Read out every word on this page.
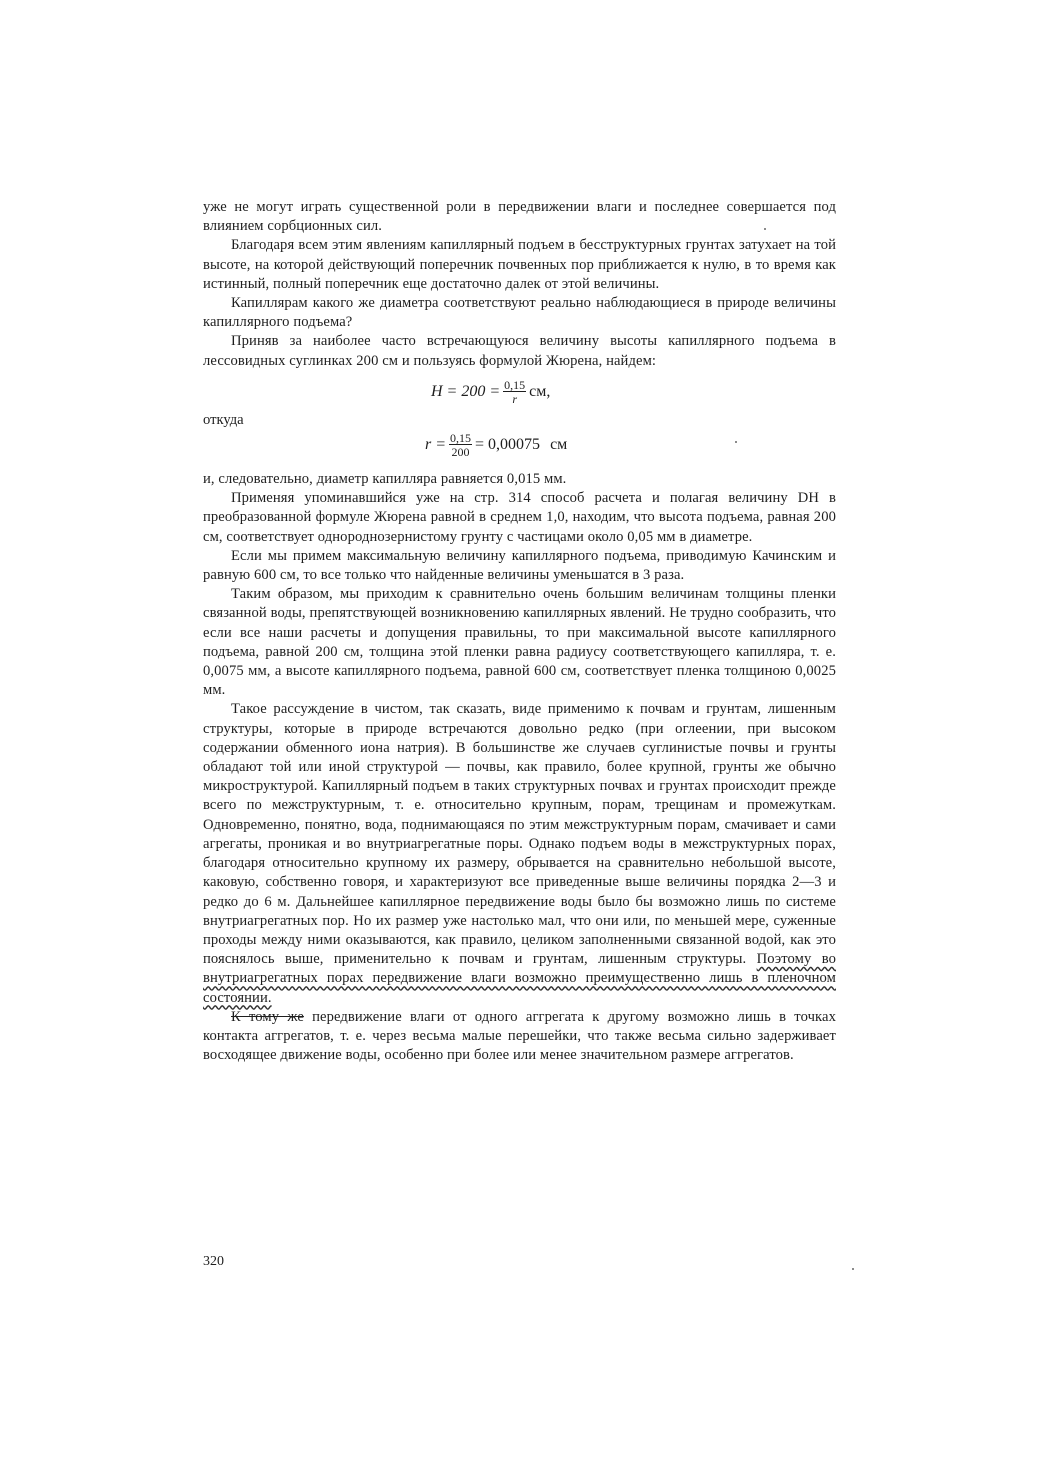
уже не могут играть существенной роли в передвижении влаги и последнее совершается под влиянием сорбционных сил.

Благодаря всем этим явлениям капиллярный подъем в бесструктурных грунтах затухает на той высоте, на которой действующий поперечник почвенных пор приближается к нулю, в то время как истинный, полный поперечник еще достаточно далек от этой величины.

Капиллярам какого же диаметра соответствуют реально наблюдающиеся в природе величины капиллярного подъема?

Приняв за наиболее часто встречающуюся величину высоты капиллярного подъема в лессовидных суглинках 200 см и пользуясь формулой Жюрена, найдем:

$H = 200 = \frac{0,15}{r}$ см,

откуда

$r = \frac{0,15}{200} = 0,00075$ см

и, следовательно, диаметр капилляра равняется 0,015 мм.

Применяя упоминавшийся уже на стр. 314 способ расчета и полагая величину DH в преобразованной формуле Жюрена равной в среднем 1,0, находим, что высота подъема, равная 200 см, соответствует однороднозернистому грунту с частицами около 0,05 мм в диаметре.

Если мы примем максимальную величину капиллярного подъема, приводимую Качинским и равную 600 см, то все только что найденные величины уменьшатся в 3 раза.

Таким образом, мы приходим к сравнительно очень большим величинам толщины пленки связанной воды, препятствующей возникновению капиллярных явлений. Не трудно сообразить, что если все наши расчеты и допущения правильны, то при максимальной высоте капиллярного подъема, равной 200 см, толщина этой пленки равна радиусу соответствующего капилляра, т. е. 0,0075 мм, а высоте капиллярного подъема, равной 600 см, соответствует пленка толщиною 0,0025 мм.

Такое рассуждение в чистом, так сказать, виде применимо к почвам и грунтам, лишенным структуры, которые в природе встречаются довольно редко (при оглеении, при высоком содержании обменного иона натрия). В большинстве же случаев суглинистые почвы и грунты обладают той или иной структурой — почвы, как правило, более крупной, грунты же обычно микроструктурой. Капиллярный подъем в таких структурных почвах и грунтах происходит прежде всего по межструктурным, т. е. относительно крупным, порам, трещинам и промежуткам. Одновременно, понятно, вода, поднимающаяся по этим межструктурным порам, смачивает и сами агрегаты, проникая и во внутриагрегатные поры. Однако подъем воды в межструктурных порах, благодаря относительно крупному их размеру, обрывается на сравнительно небольшой высоте, каковую, собственно говоря, и характеризуют все приведенные выше величины порядка 2—3 и редко до 6 м. Дальнейшее капиллярное передвижение воды было бы возможно лишь по системе внутриагрегатных пор. Но их размер уже настолько мал, что они или, по меньшей мере, суженные проходы между ними оказываются, как правило, целиком заполненными связанной водой, как это пояснялось выше, применительно к почвам и грунтам, лишенным структуры. Поэтому во внутриагрегатных порах передвижение влаги возможно преимущественно лишь в пленочном состоянии.

К тому же передвижение влаги от одного аггрегата к другому возможно лишь в точках контакта аггрегатов, т. е. через весьма малые перешейки, что также весьма сильно задерживает восходящее движение воды, особенно при более или менее значительном размере аггрегатов.

320
